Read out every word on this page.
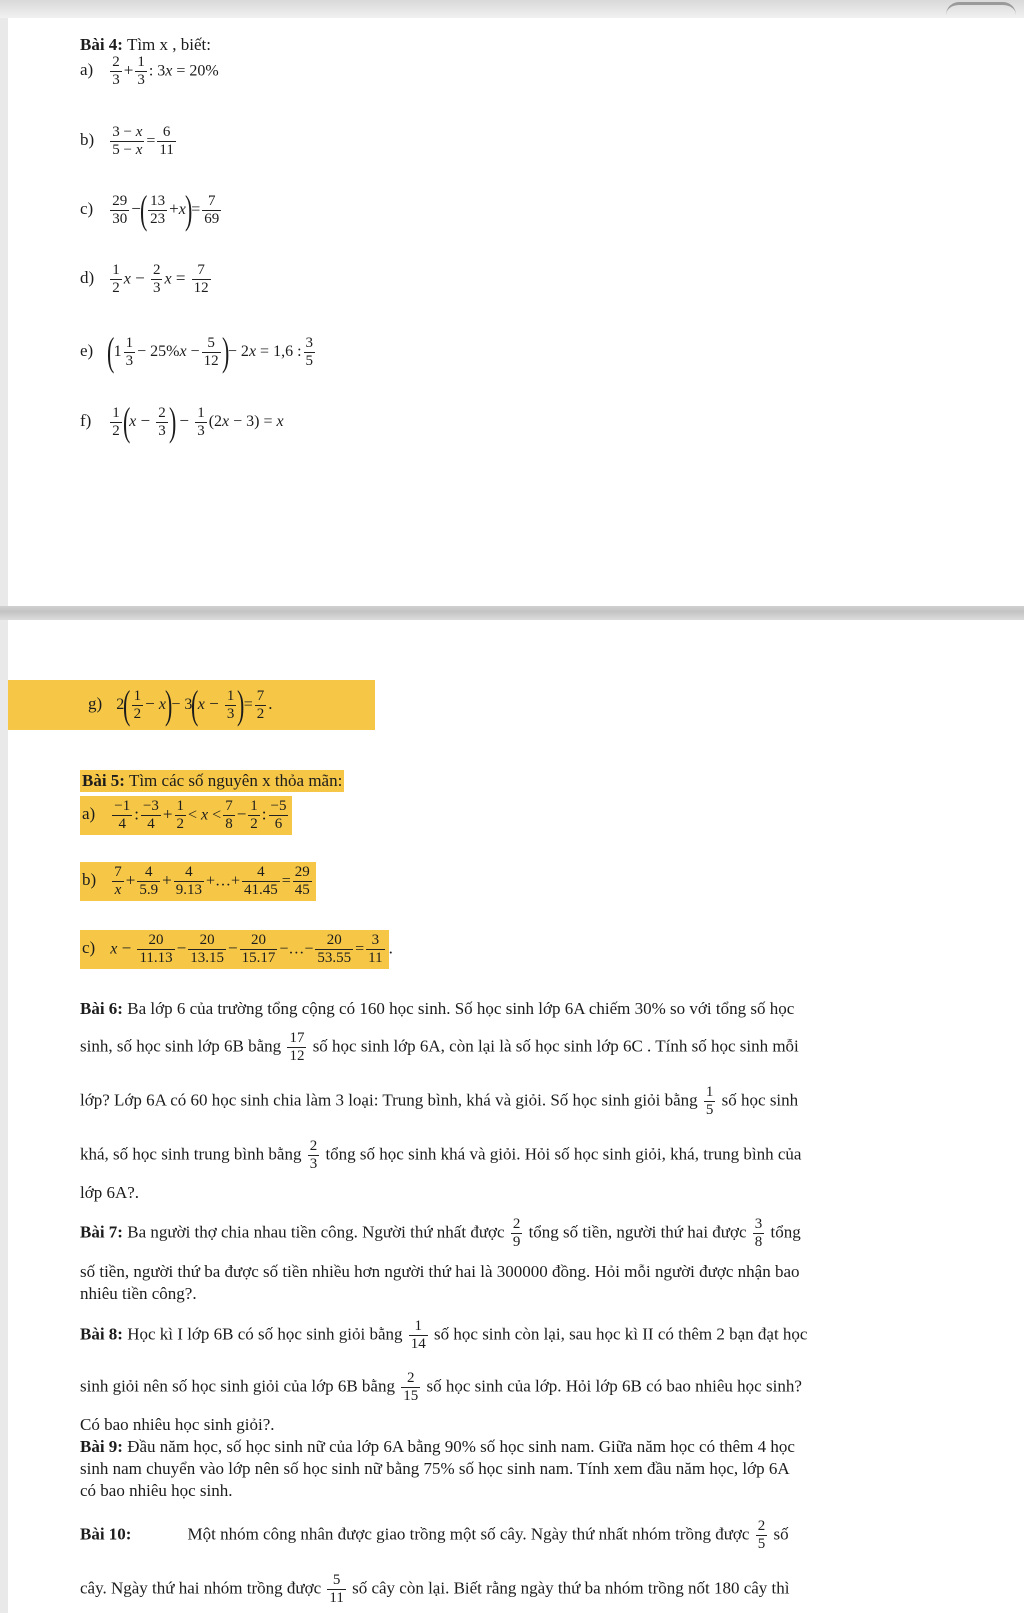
Bài 4: Tìm x , biết:
$a) \frac{2}{3} + \frac{1}{3}$ : 3x = 20%
$b) \frac{3 - x}{5 - x} = \frac{6}{11}$
$c) \frac{29}{30}$ −( $\frac{13}{23} +x)= \frac{7}{69}$
$d) \frac{1}{2}$ $x - \frac{2}{3}$ $x = \frac{7}{12}$
e) ($1 \frac{1}{3} - 25\%x - \frac{5}{12}$ )− 2x = 1,6 : $\frac{3}{5}$
$f) \frac{1}{2} (x - \frac{2}{3}$ ) − $\frac{1}{3} (2x - 3) = x$
g) $2( \frac{1}{2} - x)- 3(x - \frac{1}{3}$ )= $\frac{7}{2}$ .
Bài 5: Tìm các số nguyên x thỏa mãn:
$a) \frac{-1}{4}$ : $\frac{-3}{4} + \frac{1}{2} < x < \frac{7}{8} - \frac{1}{2}$ : $\frac{-5}{6}$
$b) \frac{7}{x} + \frac{4}{5.9} + \frac{4}{9.13}$ +…+ $\frac{4}{41.45} = \frac{29}{45}$
c) $x - \frac{20}{11.13} - \frac{20}{13.15} - \frac{20}{15.17}$ −…− $\frac{20}{53.55} = \frac{3}{11}$ .
Bài 6: Ba lớp 6 của trường tổng cộng có 160 học sinh. Số học sinh lớp 6A chiếm 30% so với tổng số học
sinh, số học sinh lớp 6B bằng $\frac{17}{12}$ số học sinh lớp 6A, còn lại là số học sinh lớp 6C . Tính số học sinh mỗi
lớp? Lớp 6A có 60 học sinh chia làm 3 loại: Trung bình, khá và giỏi. Số học sinh giỏi bằng $\frac{1}{5}$ số học sinh
khá, số học sinh trung bình bằng $\frac{2}{3}$ tổng số học sinh khá và giỏi. Hỏi số học sinh giỏi, khá, trung bình của
lớp 6A?.
Bài 7: Ba người thợ chia nhau tiền công. Người thứ nhất được $\frac{2}{9}$ tổng số tiền, người thứ hai được $\frac{3}{8}$ tổng
số tiền, người thứ ba được số tiền nhiều hơn người thứ hai là 300000 đồng. Hỏi mỗi người được nhận bao
nhiêu tiền công?.
Bài 8: Học kì I lớp 6B có số học sinh giỏi bằng $\frac{1}{14}$ số học sinh còn lại, sau học kì II có thêm 2 bạn đạt học
sinh giỏi nên số học sinh giỏi của lớp 6B bằng $\frac{2}{15}$ số học sinh của lớp. Hỏi lớp 6B có bao nhiêu học sinh?
Có bao nhiêu học sinh giỏi?.
Bài 9: Đầu năm học, số học sinh nữ của lớp 6A bằng 90% số học sinh nam. Giữa năm học có thêm 4 học
sinh nam chuyển vào lớp nên số học sinh nữ bằng 75% số học sinh nam. Tính xem đầu năm học, lớp 6A
có bao nhiêu học sinh.
Bài 10:	Một nhóm công nhân được giao trồng một số cây. Ngày thứ nhất nhóm trồng được $\frac{2}{5}$ số
cây. Ngày thứ hai nhóm trồng được $\frac{5}{11}$ số cây còn lại. Biết rằng ngày thứ ba nhóm trồng nốt 180 cây thì
